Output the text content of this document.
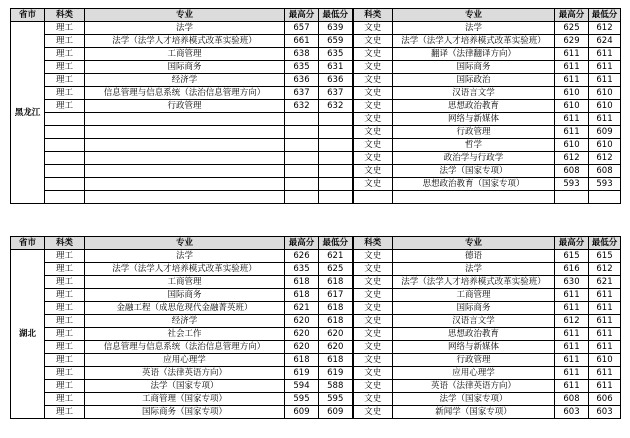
省市	科类	专业	最高分	最低分	科类	专业	最高分	最低分
黑龙江	理工	法学	657	639	文史	法学	625	612
	理工	法学（法学人才培养模式改革实验班）	661	659	文史	法学（法学人才培养模式改革实验班）	629	624
	理工	工商管理	638	635	文史	翻译（法律翻译方向）	611	611
	理工	国际商务	635	631	文史	国际商务	611	611
	理工	经济学	636	636	文史	国际政治	611	611
	理工	信息管理与信息系统（法治信息管理方向）	637	637	文史	汉语言文学	610	610
	理工	行政管理	632	632	文史	思想政治教育	610	610
					文史	网络与新媒体	611	611
					文史	行政管理	611	609
					文史	哲学	610	610
					文史	政治学与行政学	612	612
					文史	法学（国家专项）	608	608
					文史	思想政治教育（国家专项）	593	593

省市	科类	专业	最高分	最低分	科类	专业	最高分	最低分
湖北	理工	法学	626	621	文史	德语	615	615
	理工	法学（法学人才培养模式改革实验班）	635	625	文史	法学	616	612
	理工	工商管理	618	618	文史	法学（法学人才培养模式改革实验班）	630	621
	理工	国际商务	618	617	文史	工商管理	611	611
	理工	金融工程（成思危现代金融菁英班）	621	618	文史	国际商务	611	611
	理工	经济学	620	618	文史	汉语言文学	612	611
	理工	社会工作	620	620	文史	思想政治教育	611	611
	理工	信息管理与信息系统（法治信息管理方向）	620	620	文史	网络与新媒体	611	611
	理工	应用心理学	618	618	文史	行政管理	611	610
	理工	英语（法律英语方向）	619	619	文史	应用心理学	611	611
	理工	法学（国家专项）	594	588	文史	英语（法律英语方向）	611	611
	理工	工商管理（国家专项）	595	595	文史	法学（国家专项）	608	606
	理工	国际商务（国家专项）	609	609	文史	新闻学（国家专项）	603	603
